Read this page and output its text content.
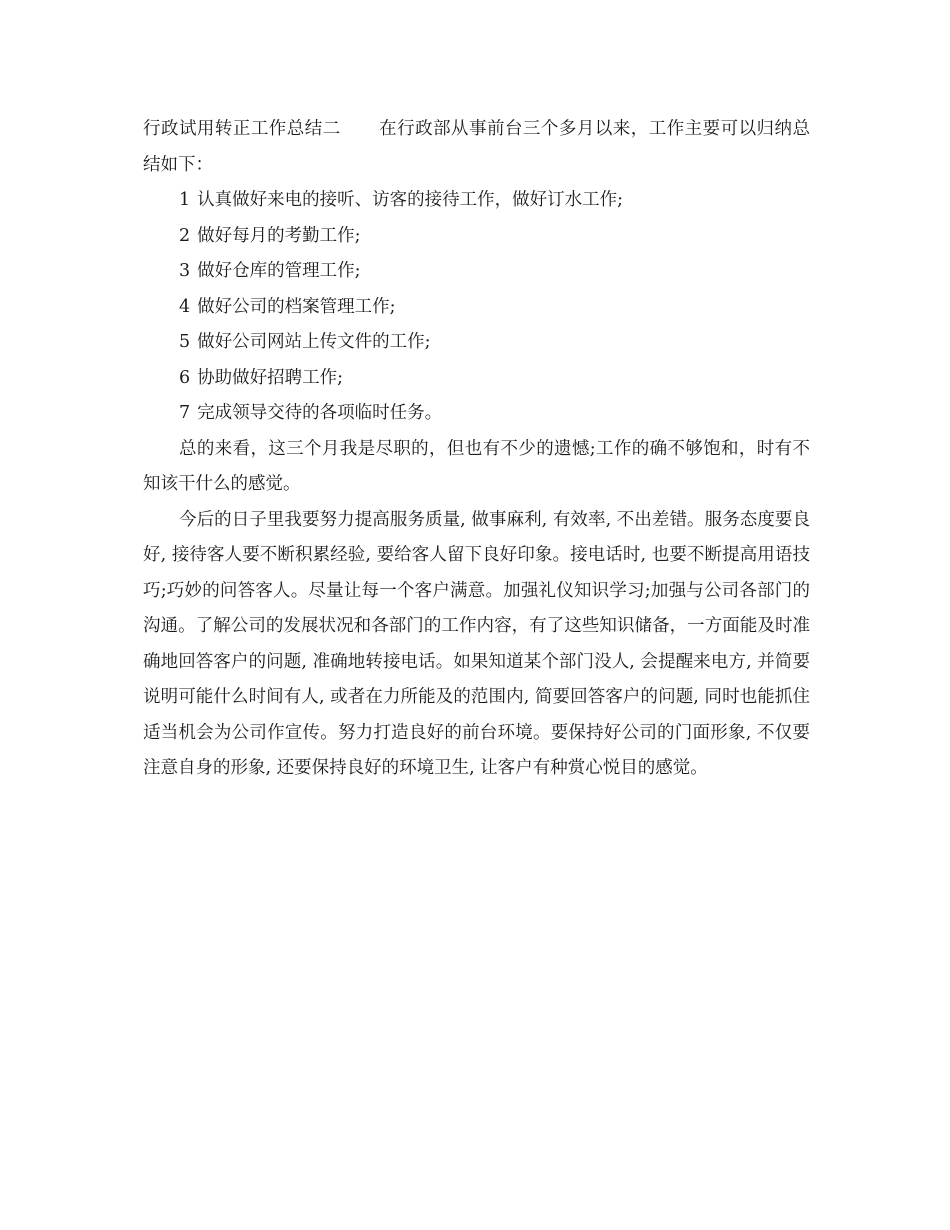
行政试用转正工作总结二 在行政部从事前台三个多月以来，工作主要可以归纳总结如下：

1 认真做好来电的接听、访客的接待工作，做好订水工作;

2 做好每月的考勤工作;

3 做好仓库的管理工作;

4 做好公司的档案管理工作;

5 做好公司网站上传文件的工作;

6 协助做好招聘工作;

7 完成领导交待的各项临时任务。

总的来看，这三个月我是尽职的，但也有不少的遗憾;工作的确不够饱和，时有不知该干什么的感觉。

今后的日子里我要努力提高服务质量, 做事麻利, 有效率, 不出差错。服务态度要良好, 接待客人要不断积累经验, 要给客人留下良好印象。接电话时, 也要不断提高用语技巧;巧妙的问答客人。尽量让每一个客户满意。加强礼仪知识学习;加强与公司各部门的沟通。了解公司的发展状况和各部门的工作内容，有了这些知识储备，一方面能及时准确地回答客户的问题, 准确地转接电话。如果知道某个部门没人, 会提醒来电方, 并简要说明可能什么时间有人, 或者在力所能及的范围内, 简要回答客户的问题, 同时也能抓住适当机会为公司作宣传。努力打造良好的前台环境。要保持好公司的门面形象, 不仅要注意自身的形象, 还要保持良好的环境卫生, 让客户有种赏心悦目的感觉。
